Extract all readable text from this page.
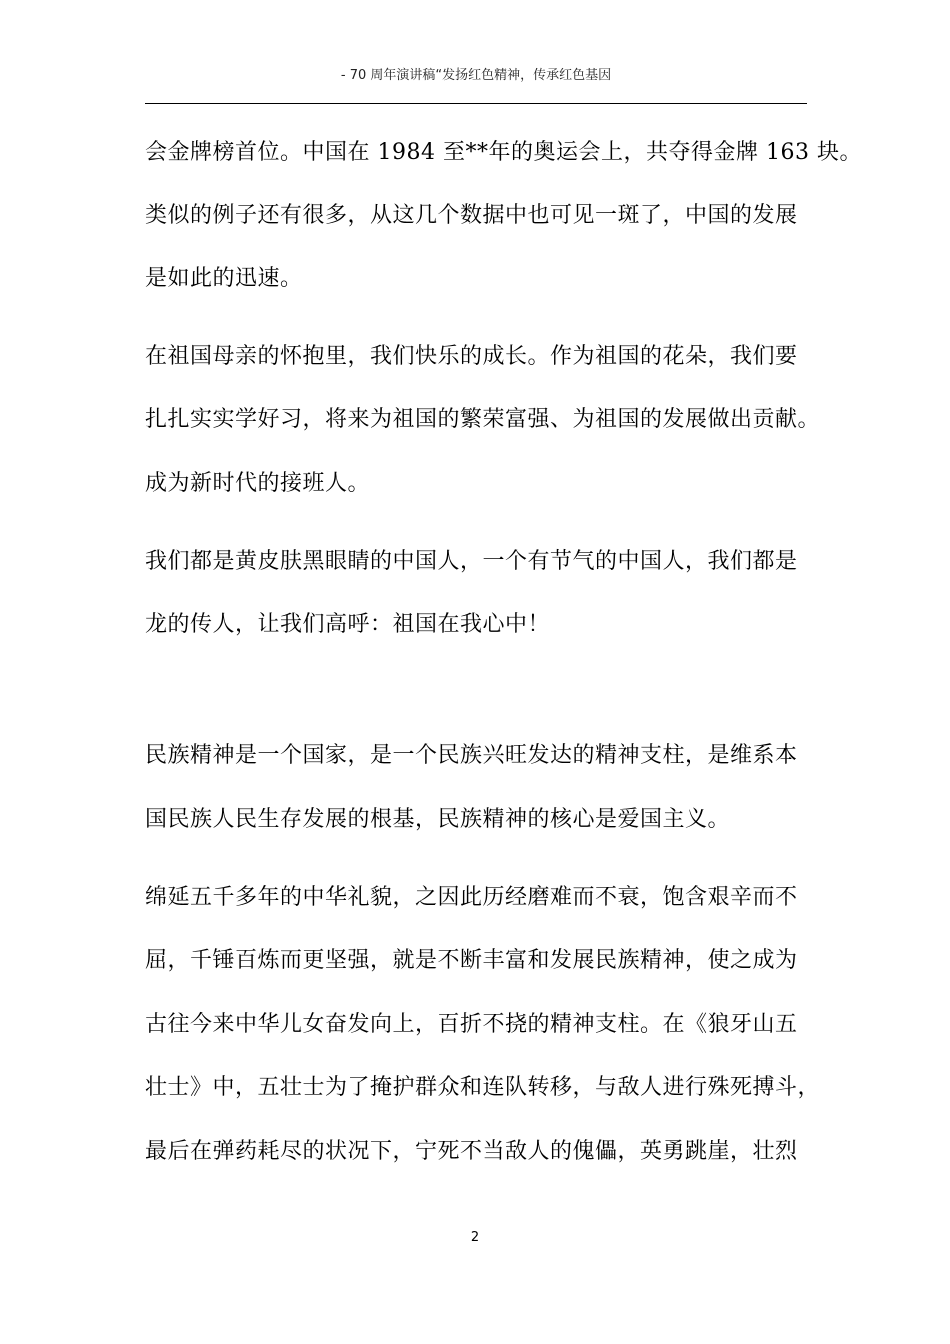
- 70 周年演讲稿“发扬红色精神，传承红色基因
会金牌榜首位。中国在 1984 至**年的奥运会上，共夺得金牌 163 块。
类似的例子还有很多，从这几个数据中也可见一斑了，中国的发展
是如此的迅速。
在祖国母亲的怀抱里，我们快乐的成长。作为祖国的花朵，我们要
扎扎实实学好习，将来为祖国的繁荣富强、为祖国的发展做出贡献。
成为新时代的接班人。
我们都是黄皮肤黑眼睛的中国人，一个有节气的中国人，我们都是
龙的传人，让我们高呼：祖国在我心中！
民族精神是一个国家，是一个民族兴旺发达的精神支柱，是维系本
国民族人民生存发展的根基，民族精神的核心是爱国主义。
绵延五千多年的中华礼貌，之因此历经磨难而不衰，饱含艰辛而不
屈，千锤百炼而更坚强，就是不断丰富和发展民族精神，使之成为
古往今来中华儿女奋发向上，百折不挠的精神支柱。在《狼牙山五
壮士》中，五壮士为了掩护群众和连队转移，与敌人进行殊死搏斗，
最后在弹药耗尽的状况下，宁死不当敌人的傀儡，英勇跳崖，壮烈
2
